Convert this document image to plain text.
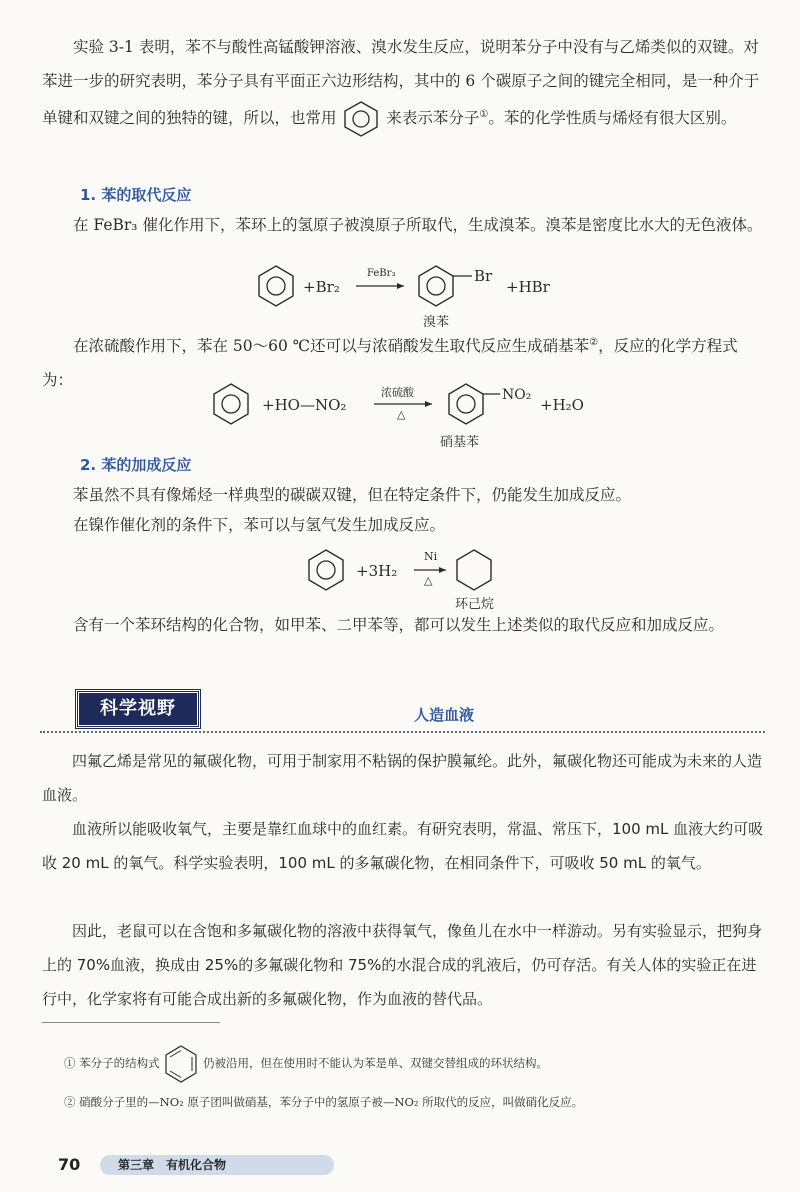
实验 3-1 表明，苯不与酸性高锰酸钾溶液、溴水发生反应，说明苯分子中没有与乙烯类似的双键。对苯进一步的研究表明，苯分子具有平面正六边形结构，其中的 6 个碳原子之间的键完全相同，是一种介于单键和双键之间的独特的键，所以，也常用	来表示苯分子①。苯的化学性质与烯烃有很大区别。

1. 苯的取代反应

在 FeBr₃ 催化作用下，苯环上的氢原子被溴原子所取代，生成溴苯。溴苯是密度比水大的无色液体。

+Br₂
FeBr₃	Br
+HBr
溴苯

在浓硫酸作用下，苯在 50～60 ℃还可以与浓硝酸发生取代反应生成硝基苯②，反应的化学方程式为：

+HO—NO₂
浓硫酸
△
NO₂
+H₂O
硝基苯
2. 苯的加成反应

苯虽然不具有像烯烃一样典型的碳碳双键，但在特定条件下，仍能发生加成反应。

在镍作催化剂的条件下，苯可以与氢气发生加成反应。

+3H₂
Ni
△
环己烷

含有一个苯环结构的化合物，如甲苯、二甲苯等，都可以发生上述类似的取代反应和加成反应。

科学视野	人造血液

四氟乙烯是常见的氟碳化物，可用于制家用不粘锅的保护膜氟纶。此外，氟碳化物还可能成为未来的人造血液。

血液所以能吸收氧气，主要是靠红血球中的血红素。有研究表明，常温、常压下，100 mL 血液大约可吸收 20 mL 的氧气。科学实验表明，100 mL 的多氟碳化物，在相同条件下，可吸收 50 mL 的氧气。

因此，老鼠可以在含饱和多氟碳化物的溶液中获得氧气，像鱼儿在水中一样游动。另有实验显示，把狗身上的 70%血液，换成由 25%的多氟碳化物和 75%的水混合成的乳液后，仍可存活。有关人体的实验正在进行中，化学家将有可能合成出新的多氟碳化物，作为血液的替代品。

① 苯分子的结构式	仍被沿用，但在使用时不能认为苯是单、双键交替组成的环状结构。
② 硝酸分子里的—NO₂ 原子团叫做硝基，苯分子中的氢原子被—NO₂ 所取代的反应，叫做硝化反应。
70	第三章　有机化合物
